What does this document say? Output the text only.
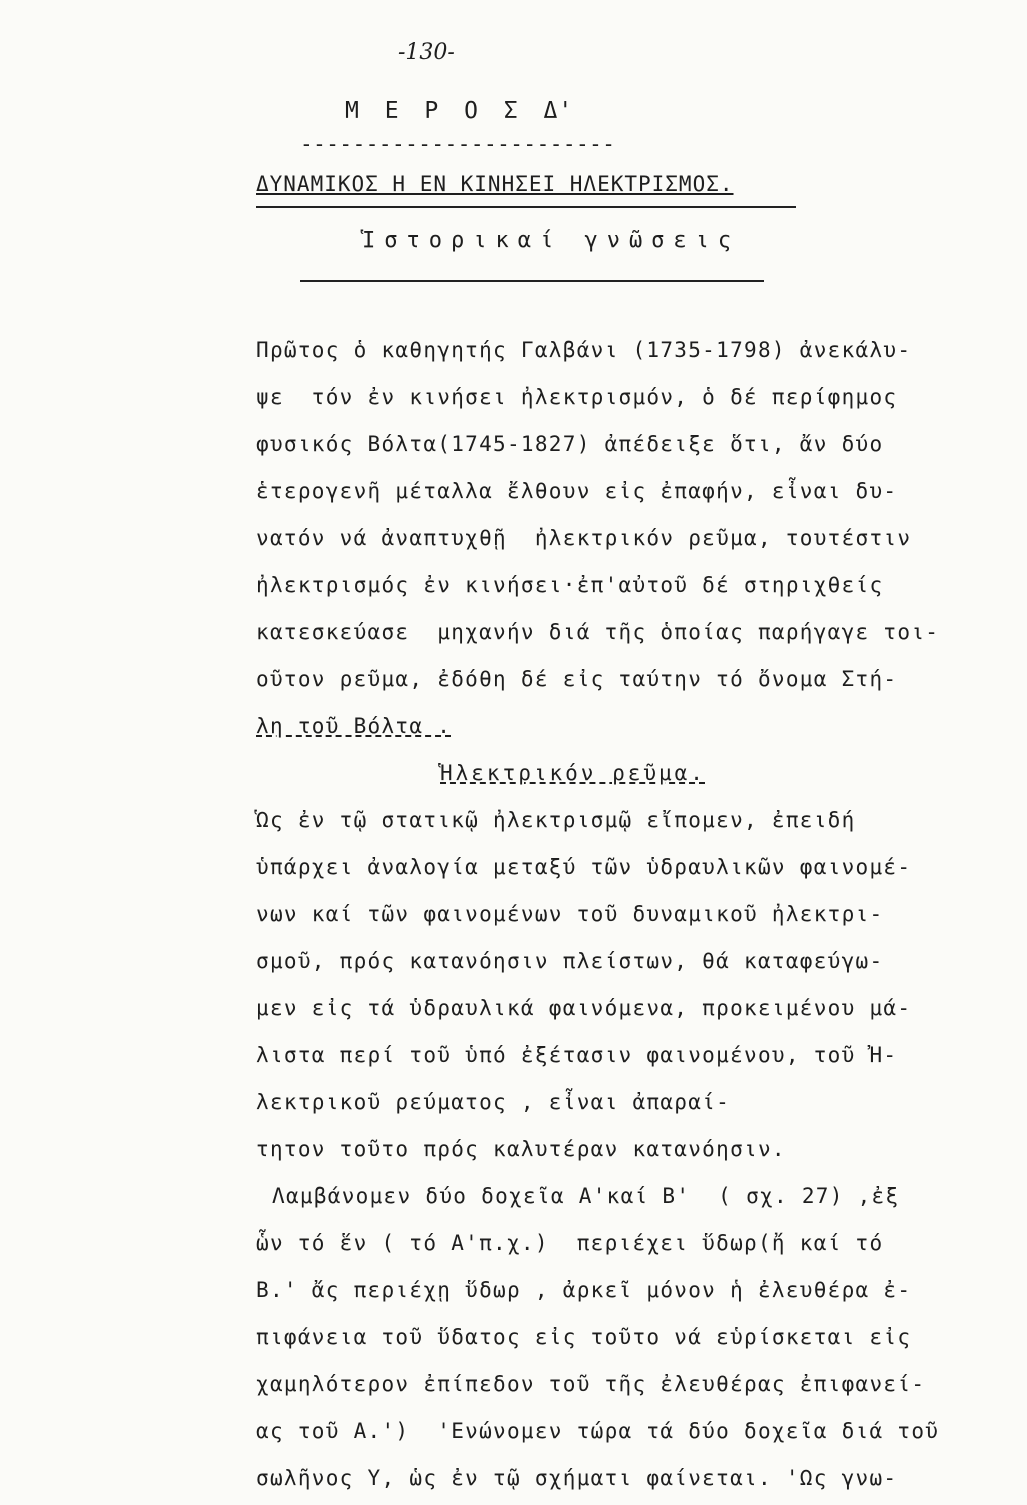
-130-
Μ Ε Ρ Ο Σ Δ'
------------------------
ΔΥΝΑΜΙΚΟΣ Η ΕΝ ΚΙΝΗΣΕΙ ΗΛΕΚΤΡΙΣΜΟΣ.
Ἱστορικαί γνῶσεις
Πρῶτος ὁ καθηγητής Γαλβάνι (1735-1798) ἀνεκάλυ-
ψε  τόν ἐν κινήσει ἠλεκτρισμόν, ὁ δέ περίφημος
φυσικός Βόλτα(1745-1827) ἀπέδειξε ὅτι, ἄν δύο
ἑτερογενῆ μέταλλα ἔλθουν εἰς ἐπαφήν, εἶναι δυ-
νατόν νά ἀναπτυχθῇ  ἠλεκτρικόν ρεῦμα, τουτέστιν
ἠλεκτρισμός ἐν κινήσει·ἐπ'αὐτοῦ δέ στηριχθείς
κατεσκεύασε  μηχανήν διά τῆς ὁποίας παρήγαγε τοι-
οῦτον ρεῦμα, ἐδόθη δέ εἰς ταύτην τό ὄνομα Στή-
λη τοῦ Βόλτα .
Ἡλεκτρικόν ρεῦμα.
Ὡς ἐν τῷ στατικῷ ἠλεκτρισμῷ εἴπομεν, ἐπειδή
ὑπάρχει ἀναλογία μεταξύ τῶν ὑδραυλικῶν φαινομέ-
νων καί τῶν φαινομένων τοῦ δυναμικοῦ ἠλεκτρι-
σμοῦ, πρός κατανόησιν πλείστων, θά καταφεύγω-
μεν εἰς τά ὑδραυλικά φαινόμενα, προκειμένου μά-
λιστα περί τοῦ ὑπό ἐξέτασιν φαινομένου, τοῦ Ἠ-
λεκτρικοῦ ρεύματος , εἶναι ἀπαραί-
τητον τοῦτο πρός καλυτέραν κατανόησιν.
Λαμβάνομεν δύο δοχεῖα Α'καί Β'  ( σχ. 27) ,ἐξ
ὧν τό ἕν ( τό Α'π.χ.)  περιέχει ὕδωρ(ἤ καί τό
Β.' ἄς περιέχῃ ὕδωρ , ἀρκεῖ μόνον ἡ ἐλευθέρα ἐ-
πιφάνεια τοῦ ὕδατος εἰς τοῦτο νά εὑρίσκεται εἰς
χαμηλότερον ἐπίπεδον τοῦ τῆς ἐλευθέρας ἐπιφανεί-
ας τοῦ Α.')  'Ενώνομεν τώρα τά δύο δοχεῖα διά τοῦ
σωλῆνος Υ, ὡς ἐν τῷ σχήματι φαίνεται. 'Ως γνω-
